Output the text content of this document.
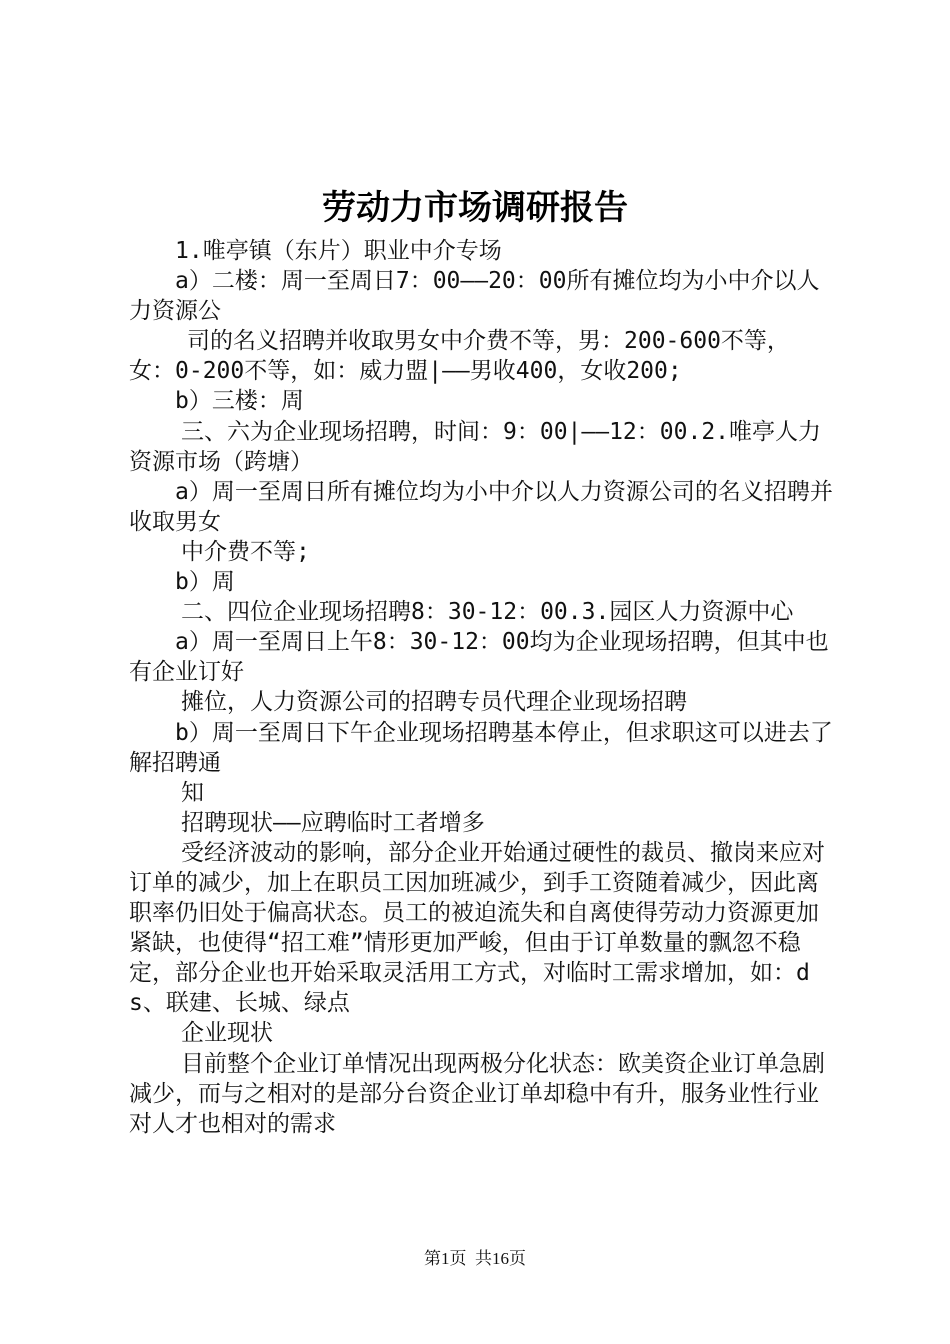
劳动力市场调研报告

1.唯亭镇（东片）职业中介专场

a）二楼：周一至周日7：00——20：00所有摊位均为小中介以人力资源公

司的名义招聘并收取男女中介费不等，男：200-600不等，女：0-200不等，如：威力盟|——男收400，女收200;

b）三楼：周

三、六为企业现场招聘，时间：9：00|——12：00.2.唯亭人力资源市场（跨塘）

a）周一至周日所有摊位均为小中介以人力资源公司的名义招聘并收取男女

中介费不等;

b）周

二、四位企业现场招聘8：30-12：00.3.园区人力资源中心

a）周一至周日上午8：30-12：00均为企业现场招聘，但其中也有企业订好

摊位，人力资源公司的招聘专员代理企业现场招聘

b）周一至周日下午企业现场招聘基本停止，但求职这可以进去了解招聘通

知

招聘现状——应聘临时工者增多

受经济波动的影响，部分企业开始通过硬性的裁员、撤岗来应对订单的减少，加上在职员工因加班减少，到手工资随着减少，因此离职率仍旧处于偏高状态。员工的被迫流失和自离使得劳动力资源更加紧缺，也使得“招工难”情形更加严峻，但由于订单数量的飘忽不稳定，部分企业也开始采取灵活用工方式，对临时工需求增加，如：ds、联建、长城、绿点

企业现状

目前整个企业订单情况出现两极分化状态：欧美资企业订单急剧减少，而与之相对的是部分台资企业订单却稳中有升，服务业性行业对人才也相对的需求

第1页 共16页
